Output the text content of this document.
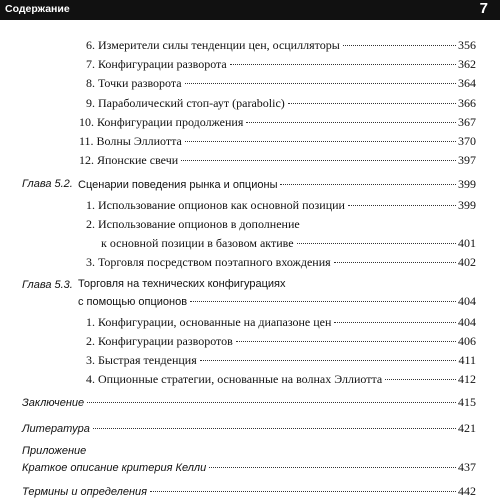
Содержание	7
6. Измерители силы тенденции цен, осцилляторы	356
7. Конфигурации разворота	362
8. Точки разворота	364
9. Параболический стоп-аут (parabolic)	366
10. Конфигурации продолжения	367
11. Волны Эллиотта	370
12. Японские свечи	397
Глава 5.2. Сценарии поведения рынка и опционы	399
1. Использование опционов как основной позиции	399
2. Использование опционов в дополнение
к основной позиции в базовом активе	401
3. Торговля посредством поэтапного вхождения	402
Глава 5.3. Торговля на технических конфигурациях
с помощью опционов	404
1. Конфигурации, основанные на диапазоне цен	404
2. Конфигурации разворотов	406
3. Быстрая тенденция	411
4. Опционные стратегии, основанные на волнах Эллиотта	412
Заключение	415
Литература	421
Приложение
Краткое описание критерия Келли	437
Термины и определения	442
